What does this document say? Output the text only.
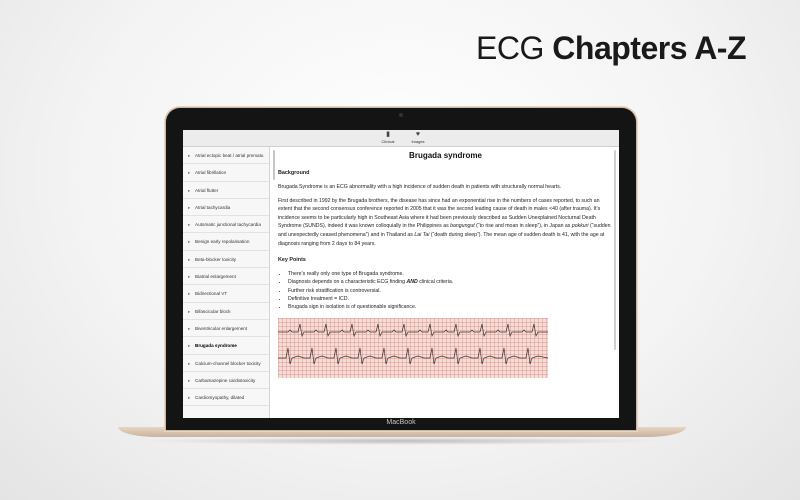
ECG Chapters A-Z
▮
Clinical
♥
Images
▸ Atrial ectopic beat / atrial prematu
▸ Atrial fibrillation
▸ Atrial flutter
▸ Atrial tachycardia
▸ Automatic junctional tachycardia
▸ Benign early repolarisation
▸ Beta-blocker toxicity
▸ Biatrial enlargement
▸ Bidirectional VT
▸ Bifascicular block
▸ Biventricular enlargement
▸ Brugada syndrome
▸ Calcium-channel blocker toxicity
▸ Carbamazepine cardiotoxicity
▸ Cardiomyopathy, dilated
Brugada syndrome
Background

Brugada Syndrome is an ECG abnormality with a high incidence of sudden death in patients with structurally normal hearts.

First described in 1992 by the Brugada brothers, the disease has since had an exponential rise in the numbers of cases reported, to such an extent that the second consensus conference reported in 2005 that it was the second leading cause of death in males <40 (after trauma). It’s incidence seems to be particularly high in Southeast Asia where it had been previously described as Sudden Unexplained Nocturnal Death Syndrome (SUNDS), indeed it was known colloquially in the Philippines as bangungut (“to rise and moan in sleep”), in Japan as pokkuri (“sudden and unexpectedly ceased phenomena”) and in Thailand as Lai Tai (“death during sleep”). The mean age of sudden death is 41, with the age at diagnosis ranging from 2 days to 84 years.

Key Points
• There’s really only one type of Brugada syndrome.
• Diagnosis depends on a characteristic ECG finding AND clinical criteria.
• Further risk stratification is controversial.
• Definitive treatment = ICD.
• Brugada sign in isolation is of questionable significance.
MacBook
